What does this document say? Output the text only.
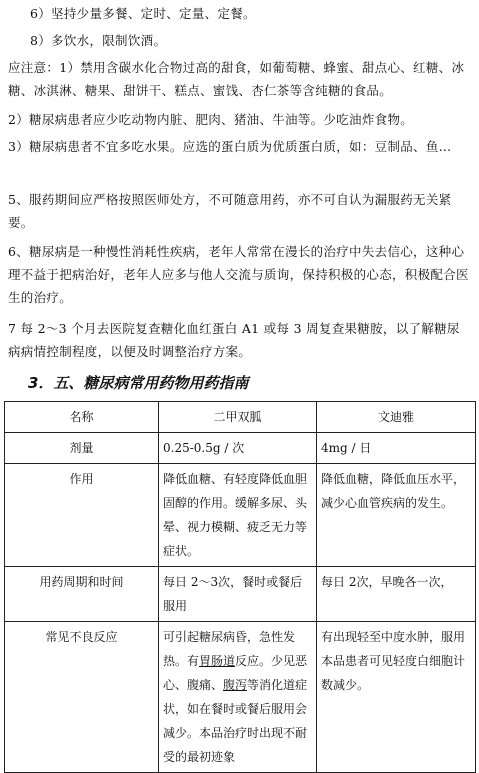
6）坚持少量多餐、定时、定量、定餐。
8）多饮水，限制饮酒。
应注意：1）禁用含碳水化合物过高的甜食，如葡萄糖、蜂蜜、甜点心、红糖、冰糖、冰淇淋、糖果、甜饼干、糕点、蜜饯、杏仁茶等含纯糖的食品。
2）糖尿病患者应少吃动物内脏、肥肉、猪油、牛油等。少吃油炸食物。
3）糖尿病患者不宜多吃水果。应选的蛋白质为优质蛋白质，如：豆制品、鱼…
5、服药期间应严格按照医师处方，不可随意用药，亦不可自认为漏服药无关紧要。
6、糖尿病是一种慢性消耗性疾病，老年人常常在漫长的治疗中失去信心，这种心理不益于把病治好，老年人应多与他人交流与质询，保持积极的心态，积极配合医生的治疗。
7 每 2～3 个月去医院复查糖化血红蛋白 A1 或每 3 周复查果糖胺，以了解糖尿病病情控制程度，以便及时调整治疗方案。
3．五、糖尿病常用药物用药指南
名称	二甲双胍	文迪雅
剂量	0.25-0.5g / 次	4mg / 日
作用	降低血糖、有轻度降低血胆固醇的作用。缓解多尿、头晕、视力模糊、疲乏无力等症状。	降低血糖，降低血压水平，减少心血管疾病的发生。
用药周期和时间	每日 2～3次，餐时或餐后服用	每日 2次，早晚各一次，
常见不良反应	可引起糖尿病昏，急性发热。有胃肠道反应。少见恶心、腹痛、腹泻等消化道症状，如在餐时或餐后服用会减少。本品治疗时出现不耐受的最初迹象	有出现轻至中度水肿，服用本品患者可见轻度白细胞计数减少。
